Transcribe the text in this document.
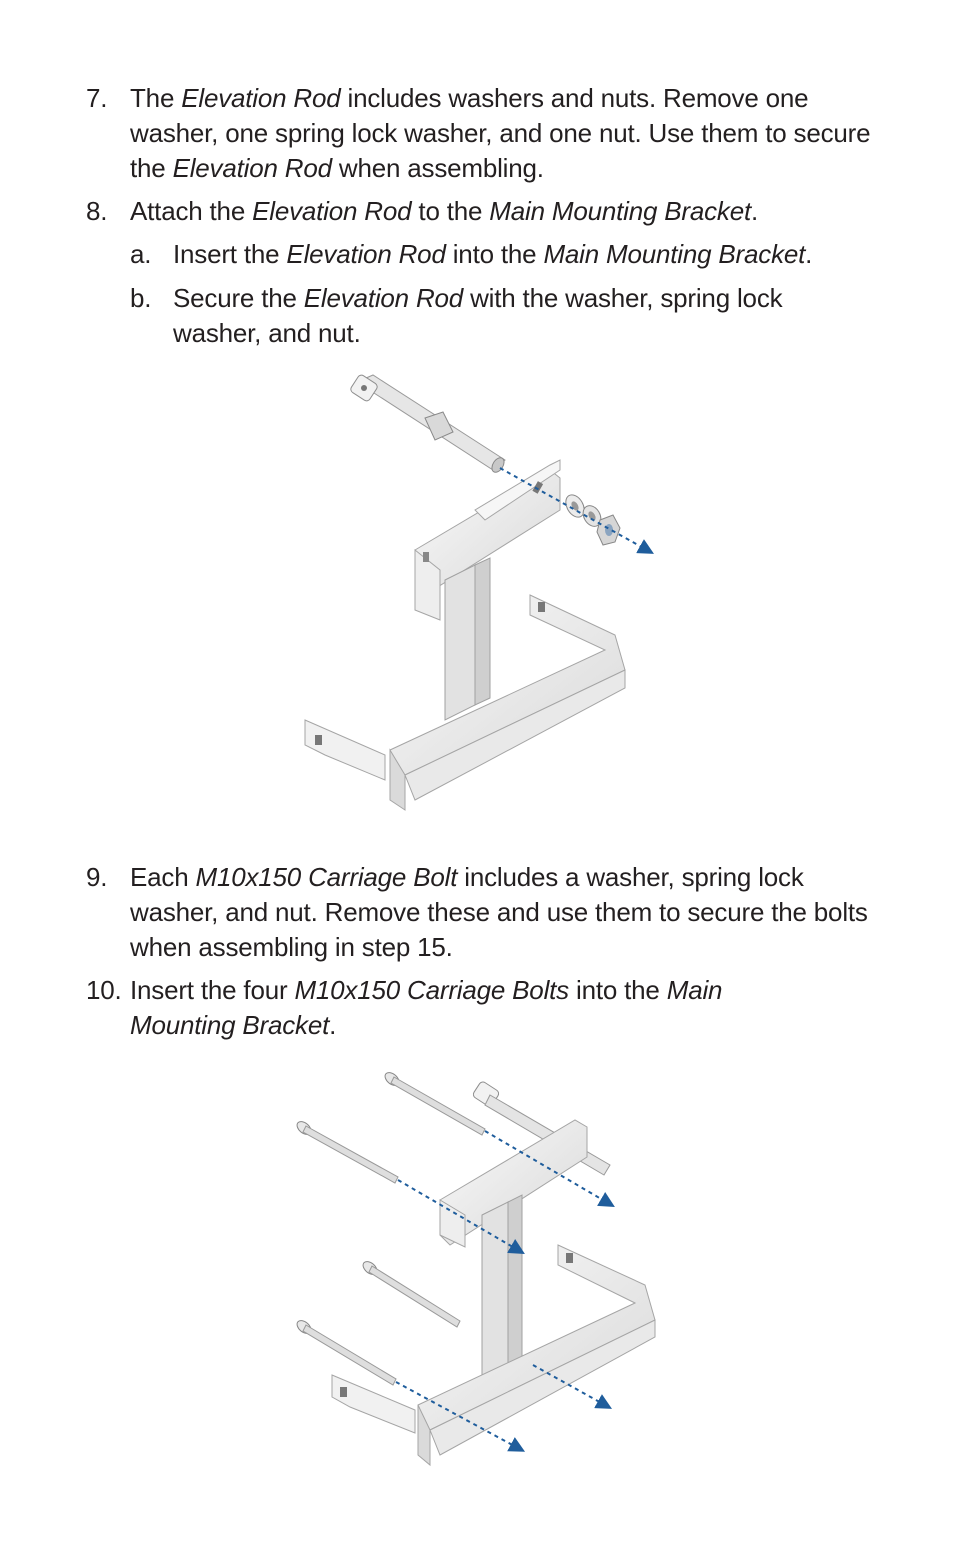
7. The Elevation Rod includes washers and nuts. Remove one washer, one spring lock washer, and one nut. Use them to secure the Elevation Rod when assembling.
8. Attach the Elevation Rod to the Main Mounting Bracket.
a. Insert the Elevation Rod into the Main Mounting Bracket.
b. Secure the Elevation Rod with the washer, spring lock washer, and nut.
9. Each M10x150 Carriage Bolt includes a washer, spring lock washer, and nut. Remove these and use them to secure the bolts when assembling in step 15.
10. Insert the four M10x150 Carriage Bolts into the Main Mounting Bracket.
